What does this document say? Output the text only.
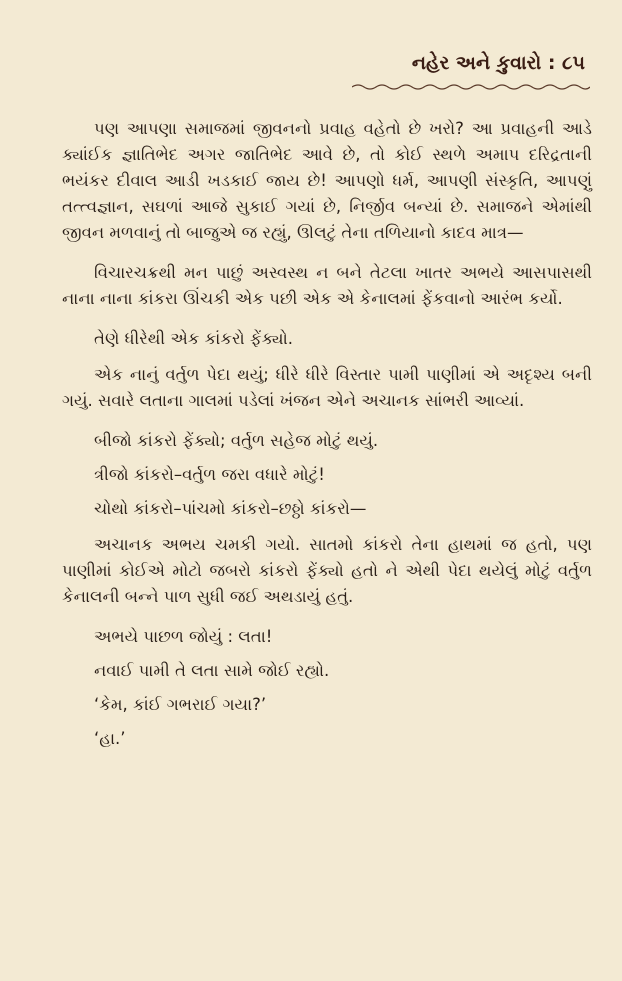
નહેર અને કુવારો : ૮૫

પણ આપણા સમાજમાં જીવનનો પ્રવાહ વહેતો છે ખરો? આ પ્રવાહની આડે ક્યાંઈક જ્ઞાતિભેદ અગર જાતિભેદ આવે છે, તો કોઈ સ્થળે અમાપ દરિદ્રતાની ભયંકર દીવાલ આડી ખડકાઈ જાય છે! આપણો ધર્મ, આપણી સંસ્કૃતિ, આપણું તત્ત્વજ્ઞાન, સઘળાં આજે સુકાઈ ગયાં છે, નિર્જીવ બન્યાં છે. સમાજને એમાંથી જીવન મળવાનું તો બાજુએ જ રહ્યું, ઊલટું તેના તળિયાનો કાદવ માત્ર—

વિચારચક્રથી મન પાછું અસ્વસ્થ ન બને તેટલા ખાતર અભયે આસપાસથી નાના નાના કાંકરા ઊંચકી એક પછી એક એ કેનાલમાં ફેંકવાનો આરંભ કર્યો.

તેણે ધીરેથી એક કાંકરો ફેંક્યો.

એક નાનું વર્તુળ પેદા થયું; ધીરે ધીરે વિસ્તાર પામી પાણીમાં એ અદૃશ્ય બની ગયું. સવારે લતાના ગાલમાં પડેલાં ખંજન એને અચાનક સાંભરી આવ્યાં.

બીજો કાંકરો ફેંક્યો; વર્તુળ સહેજ મોટું થયું.

ત્રીજો કાંકરો–વર્તુળ જરા વધારે મોટું!

ચોથો કાંકરો–પાંચમો કાંકરો–છઠ્ઠો કાંકરો—

અચાનક અભય ચમકી ગયો. સાતમો કાંકરો તેના હાથમાં જ હતો, પણ પાણીમાં કોઈએ મોટો જબરો કાંકરો ફેંક્યો હતો ને એથી પેદા થયેલું મોટું વર્તુળ કેનાલની બન્ને પાળ સુધી જઈ અથડાયું હતું.

અભયે પાછળ જોયું : લતા!

નવાઈ પામી તે લતા સામે જોઈ રહ્યો.

‘કેમ, કાંઈ ગભરાઈ ગયા?’

‘હા.’
